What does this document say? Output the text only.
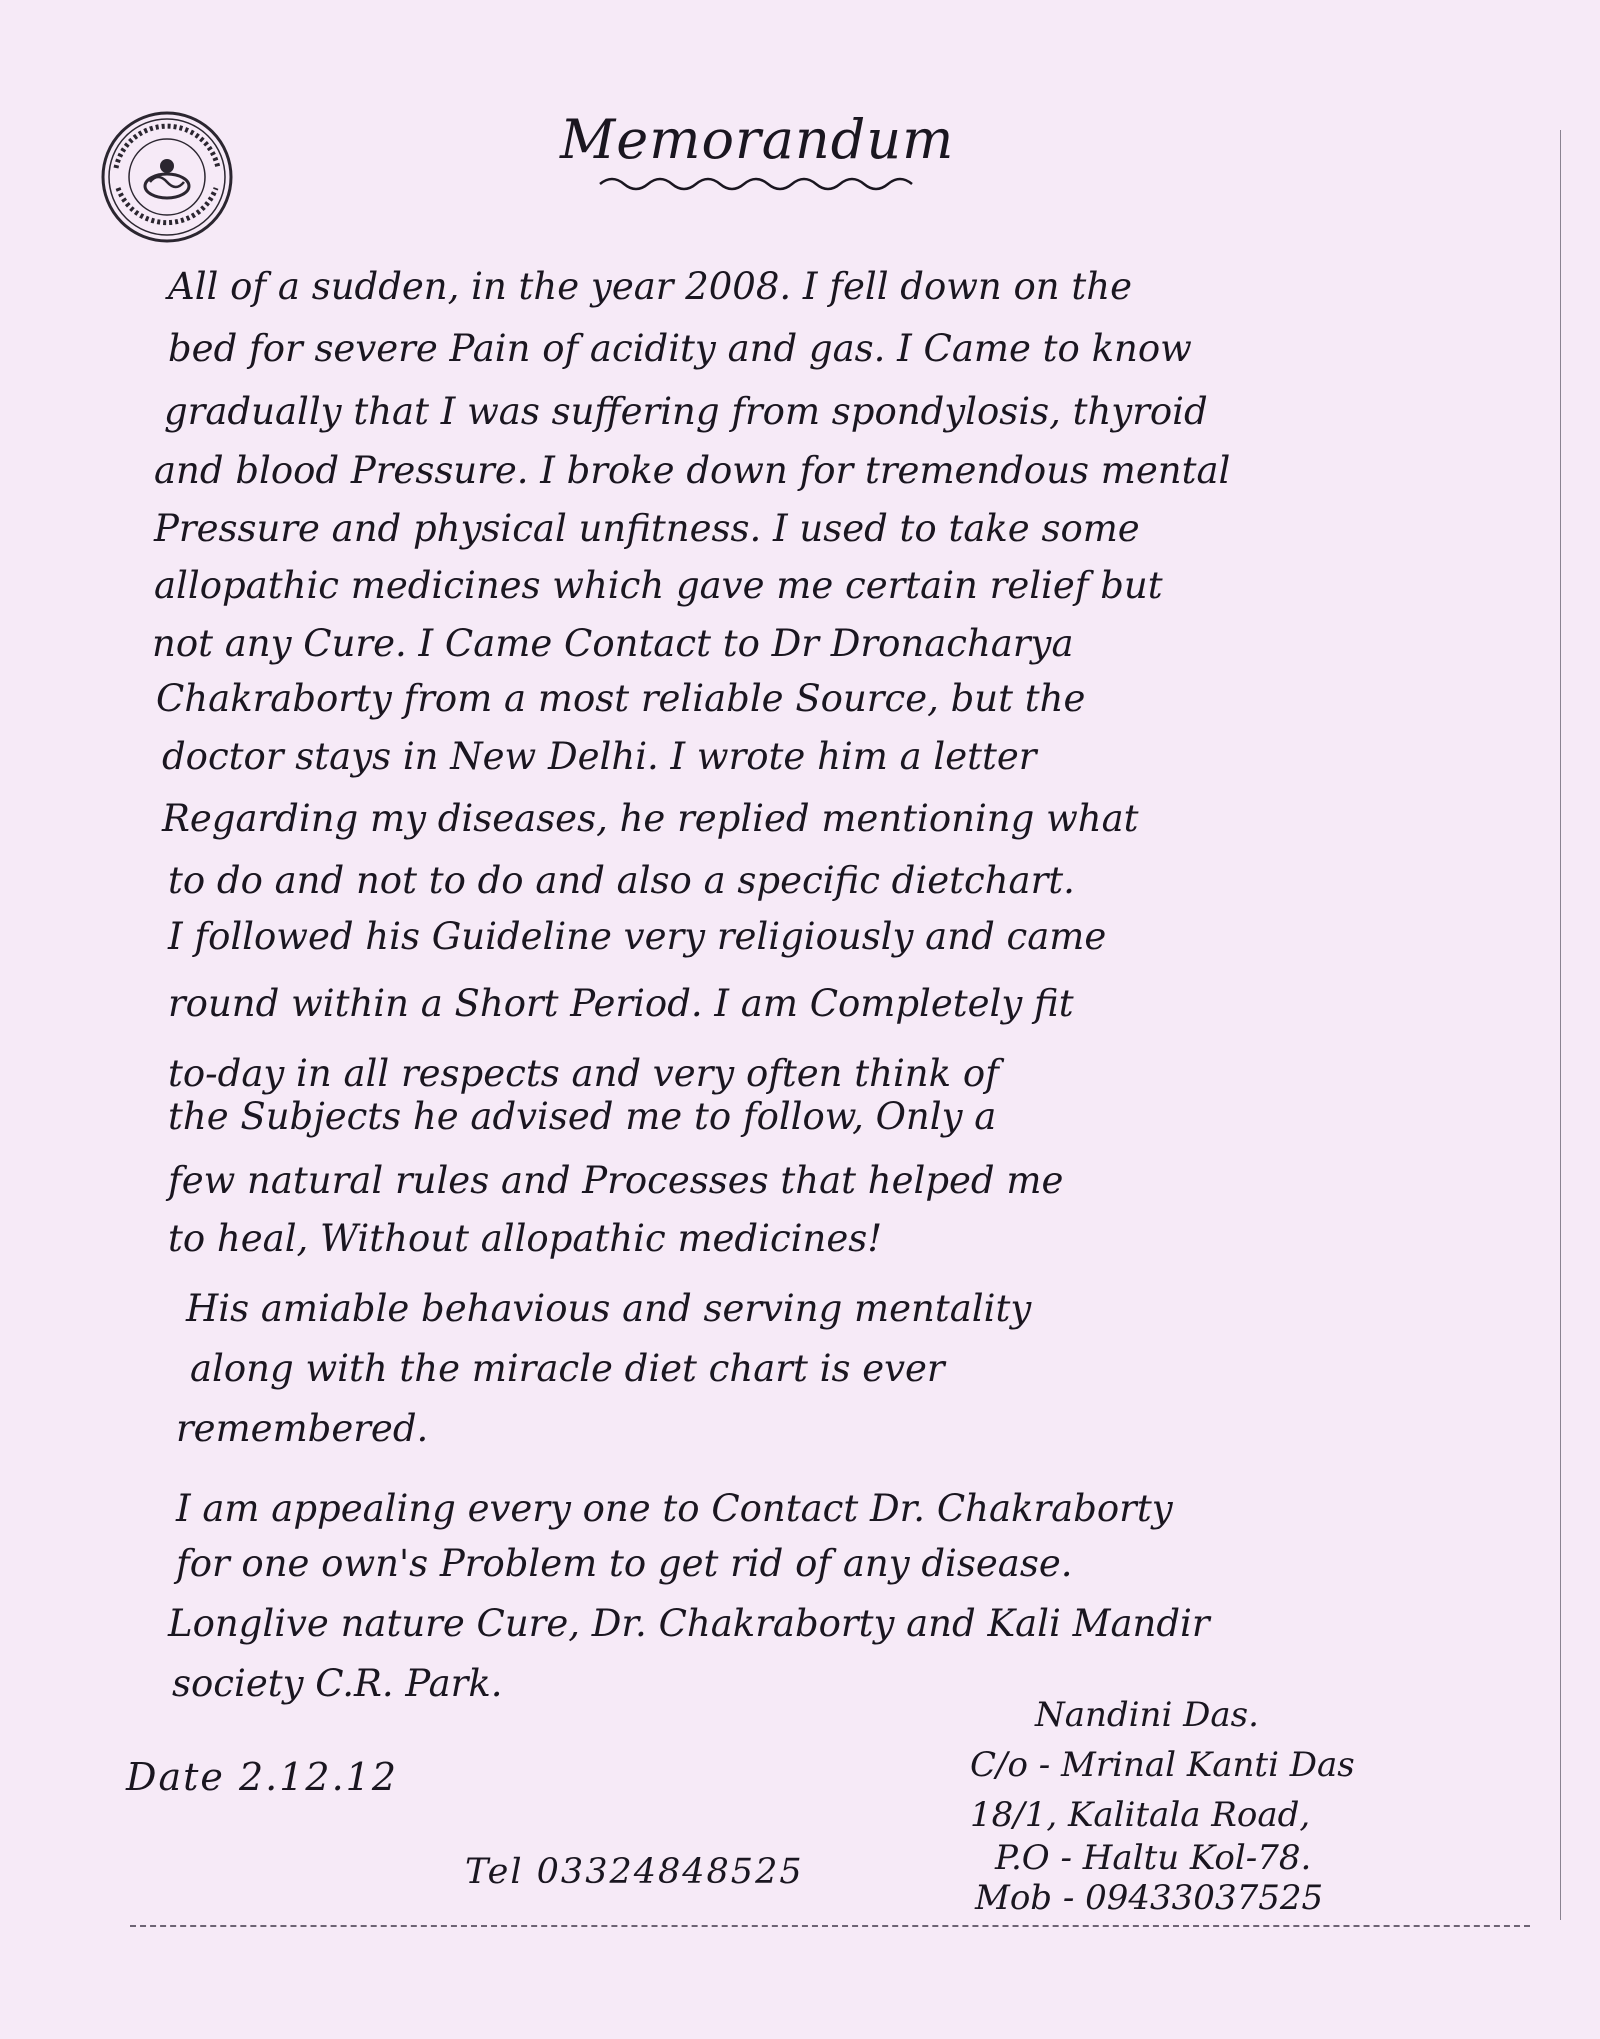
Memorandum
All of a sudden, in the year 2008. I fell down on the
bed for severe Pain of acidity and gas. I Came to know
gradually that I was suffering from spondylosis, thyroid
and blood Pressure. I broke down for tremendous mental
Pressure and physical unfitness. I used to take some
allopathic medicines which gave me certain relief but
not any Cure. I Came Contact to Dr Dronacharya
Chakraborty from a most reliable Source, but the
doctor stays in New Delhi. I wrote him a letter
Regarding my diseases, he replied mentioning what
to do and not to do and also a specific dietchart.
I followed his Guideline very religiously and came
round within a Short Period. I am Completely fit
to-day in all respects and very often think of
the Subjects he advised me to follow, Only a
few natural rules and Processes that helped me
to heal, Without allopathic medicines!
His amiable behavious and serving mentality
along with the miracle diet chart is ever
remembered.
I am appealing every one to Contact Dr. Chakraborty
for one own's Problem to get rid of any disease.
Longlive nature Cure, Dr. Chakraborty and Kali Mandir
society C.R. Park.
Date 2.12.12
Tel 03324848525
Nandini Das.
C/o - Mrinal Kanti Das
18/1, Kalitala Road,
P.O - Haltu Kol-78.
Mob - 09433037525
